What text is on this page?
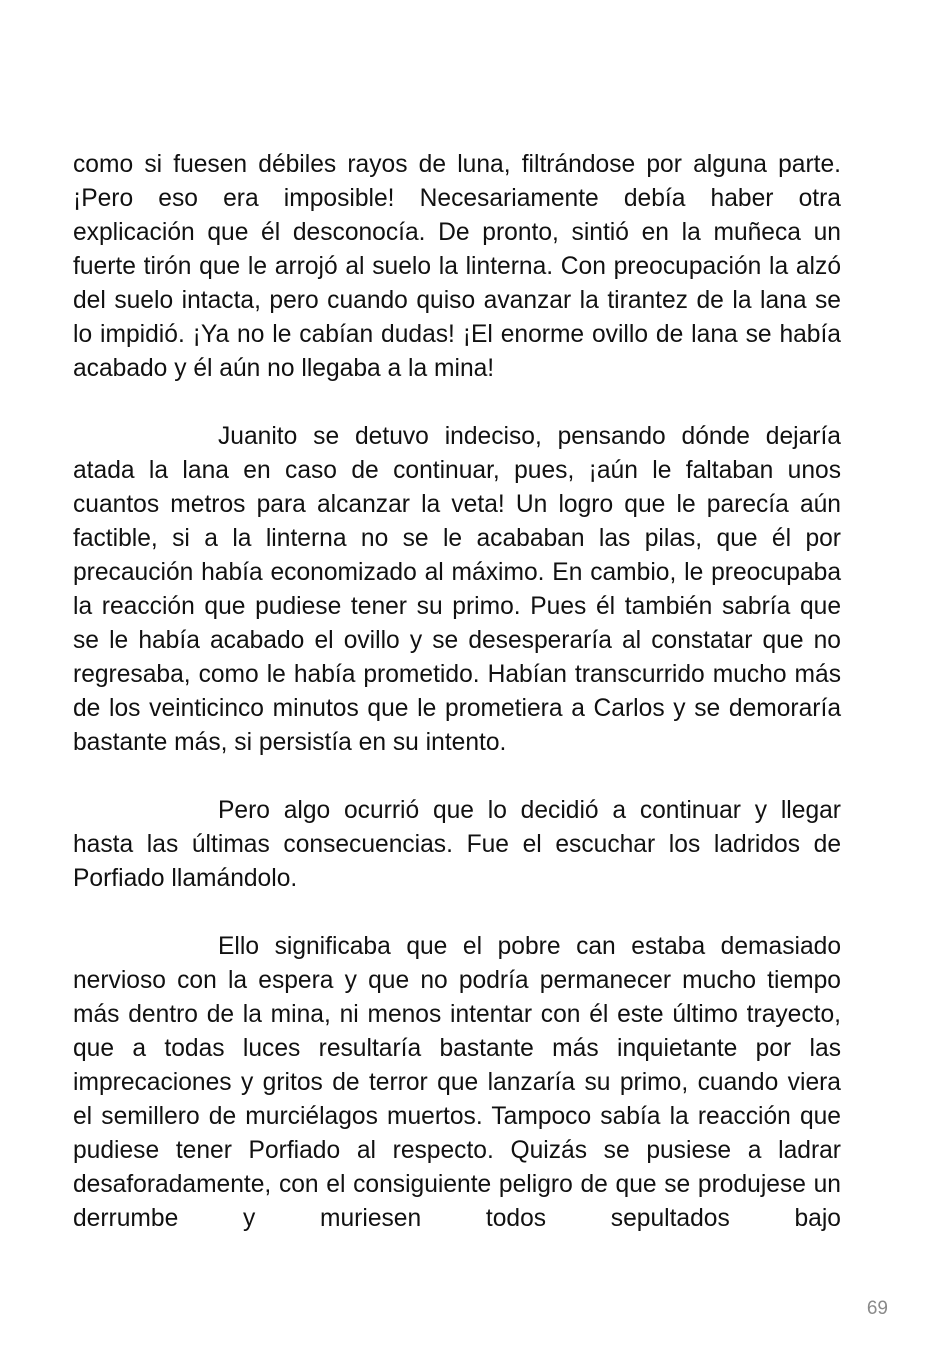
como si fuesen débiles rayos de luna, filtrándose por alguna parte. ¡Pero eso era imposible! Necesariamente debía haber otra explicación que él desconocía. De pronto, sintió en la muñeca un fuerte tirón que le arrojó al suelo la linterna. Con preocupación la alzó del suelo intacta, pero cuando quiso avanzar la tirantez de la lana se lo impidió. ¡Ya no le cabían dudas! ¡El enorme ovillo de lana se había acabado y él aún no llegaba a la mina!

Juanito se detuvo indeciso, pensando dónde dejaría atada la lana en caso de continuar, pues, ¡aún le faltaban unos cuantos metros para alcanzar la veta! Un logro que le parecía aún factible, si a la linterna no se le acababan las pilas, que él por precaución había economizado al máximo. En cambio, le preocupaba la reacción que pudiese tener su primo. Pues él también sabría que se le había acabado el ovillo y se desesperaría al constatar que no regresaba, como le había prometido. Habían transcurrido mucho más de los veinticinco minutos que le prometiera a Carlos y se demoraría bastante más, si persistía en su intento.

Pero algo ocurrió que lo decidió a continuar y llegar hasta las últimas consecuencias. Fue el escuchar los ladridos de Porfiado llamándolo.

Ello significaba que el pobre can estaba demasiado nervioso con la espera y que no podría permanecer mucho tiempo más dentro de la mina, ni menos intentar con él este último trayecto, que a todas luces resultaría bastante más inquietante por las imprecaciones y gritos de terror que lanzaría su primo, cuando viera el semillero de murciélagos muertos. Tampoco sabía la reacción que pudiese tener Porfiado al respecto. Quizás se pusiese a ladrar desaforadamente, con el consiguiente peligro de que se produjese un derrumbe y muriesen todos sepultados bajo

69
